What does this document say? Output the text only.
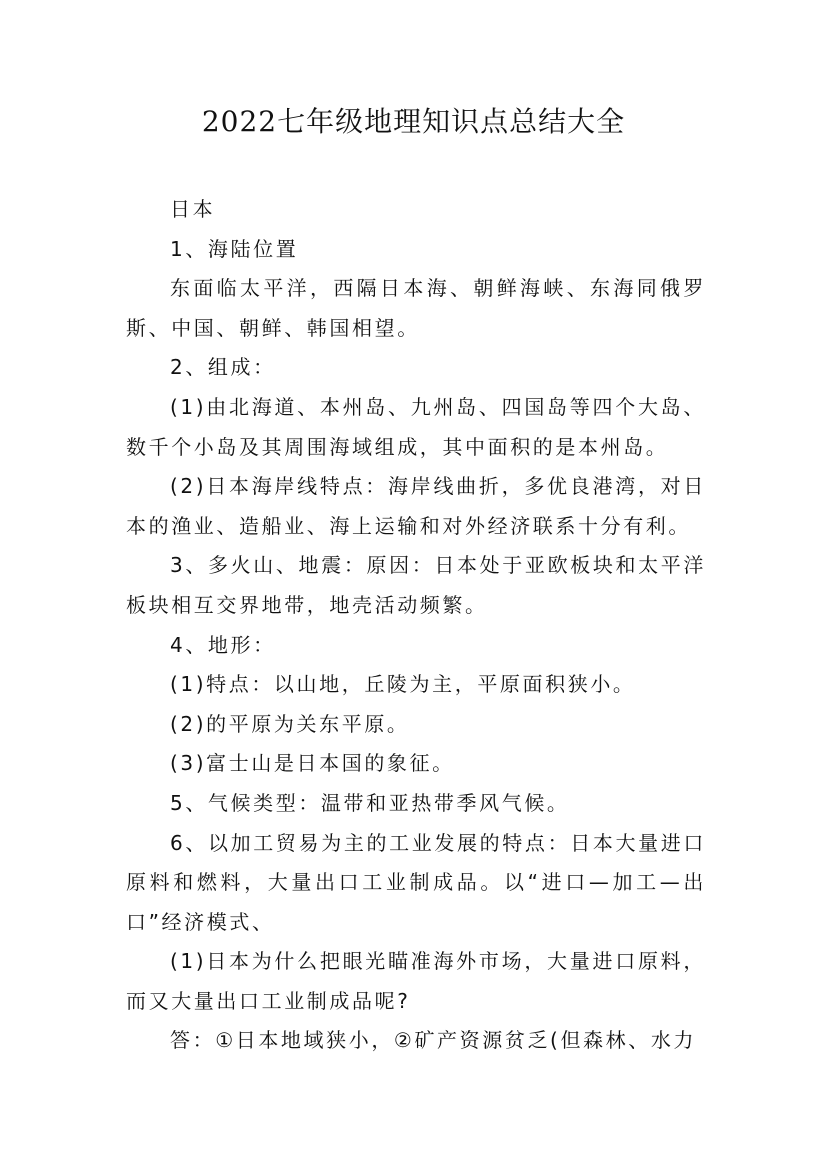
2022七年级地理知识点总结大全

日本

1、海陆位置

东面临太平洋，西隔日本海、朝鲜海峡、东海同俄罗斯、中国、朝鲜、韩国相望。

2、组成：

(1)由北海道、本州岛、九州岛、四国岛等四个大岛、数千个小岛及其周围海域组成，其中面积的是本州岛。

(2)日本海岸线特点：海岸线曲折，多优良港湾，对日本的渔业、造船业、海上运输和对外经济联系十分有利。

3、多火山、地震：原因：日本处于亚欧板块和太平洋板块相互交界地带，地壳活动频繁。

4、地形：

(1)特点：以山地，丘陵为主，平原面积狭小。

(2)的平原为关东平原。

(3)富士山是日本国的象征。

5、气候类型：温带和亚热带季风气候。

6、以加工贸易为主的工业发展的特点：日本大量进口原料和燃料，大量出口工业制成品。以“进口—加工—出口”经济模式、

(1)日本为什么把眼光瞄准海外市场，大量进口原料，而又大量出口工业制成品呢?

答：①日本地域狭小，②矿产资源贫乏(但森林、水力
